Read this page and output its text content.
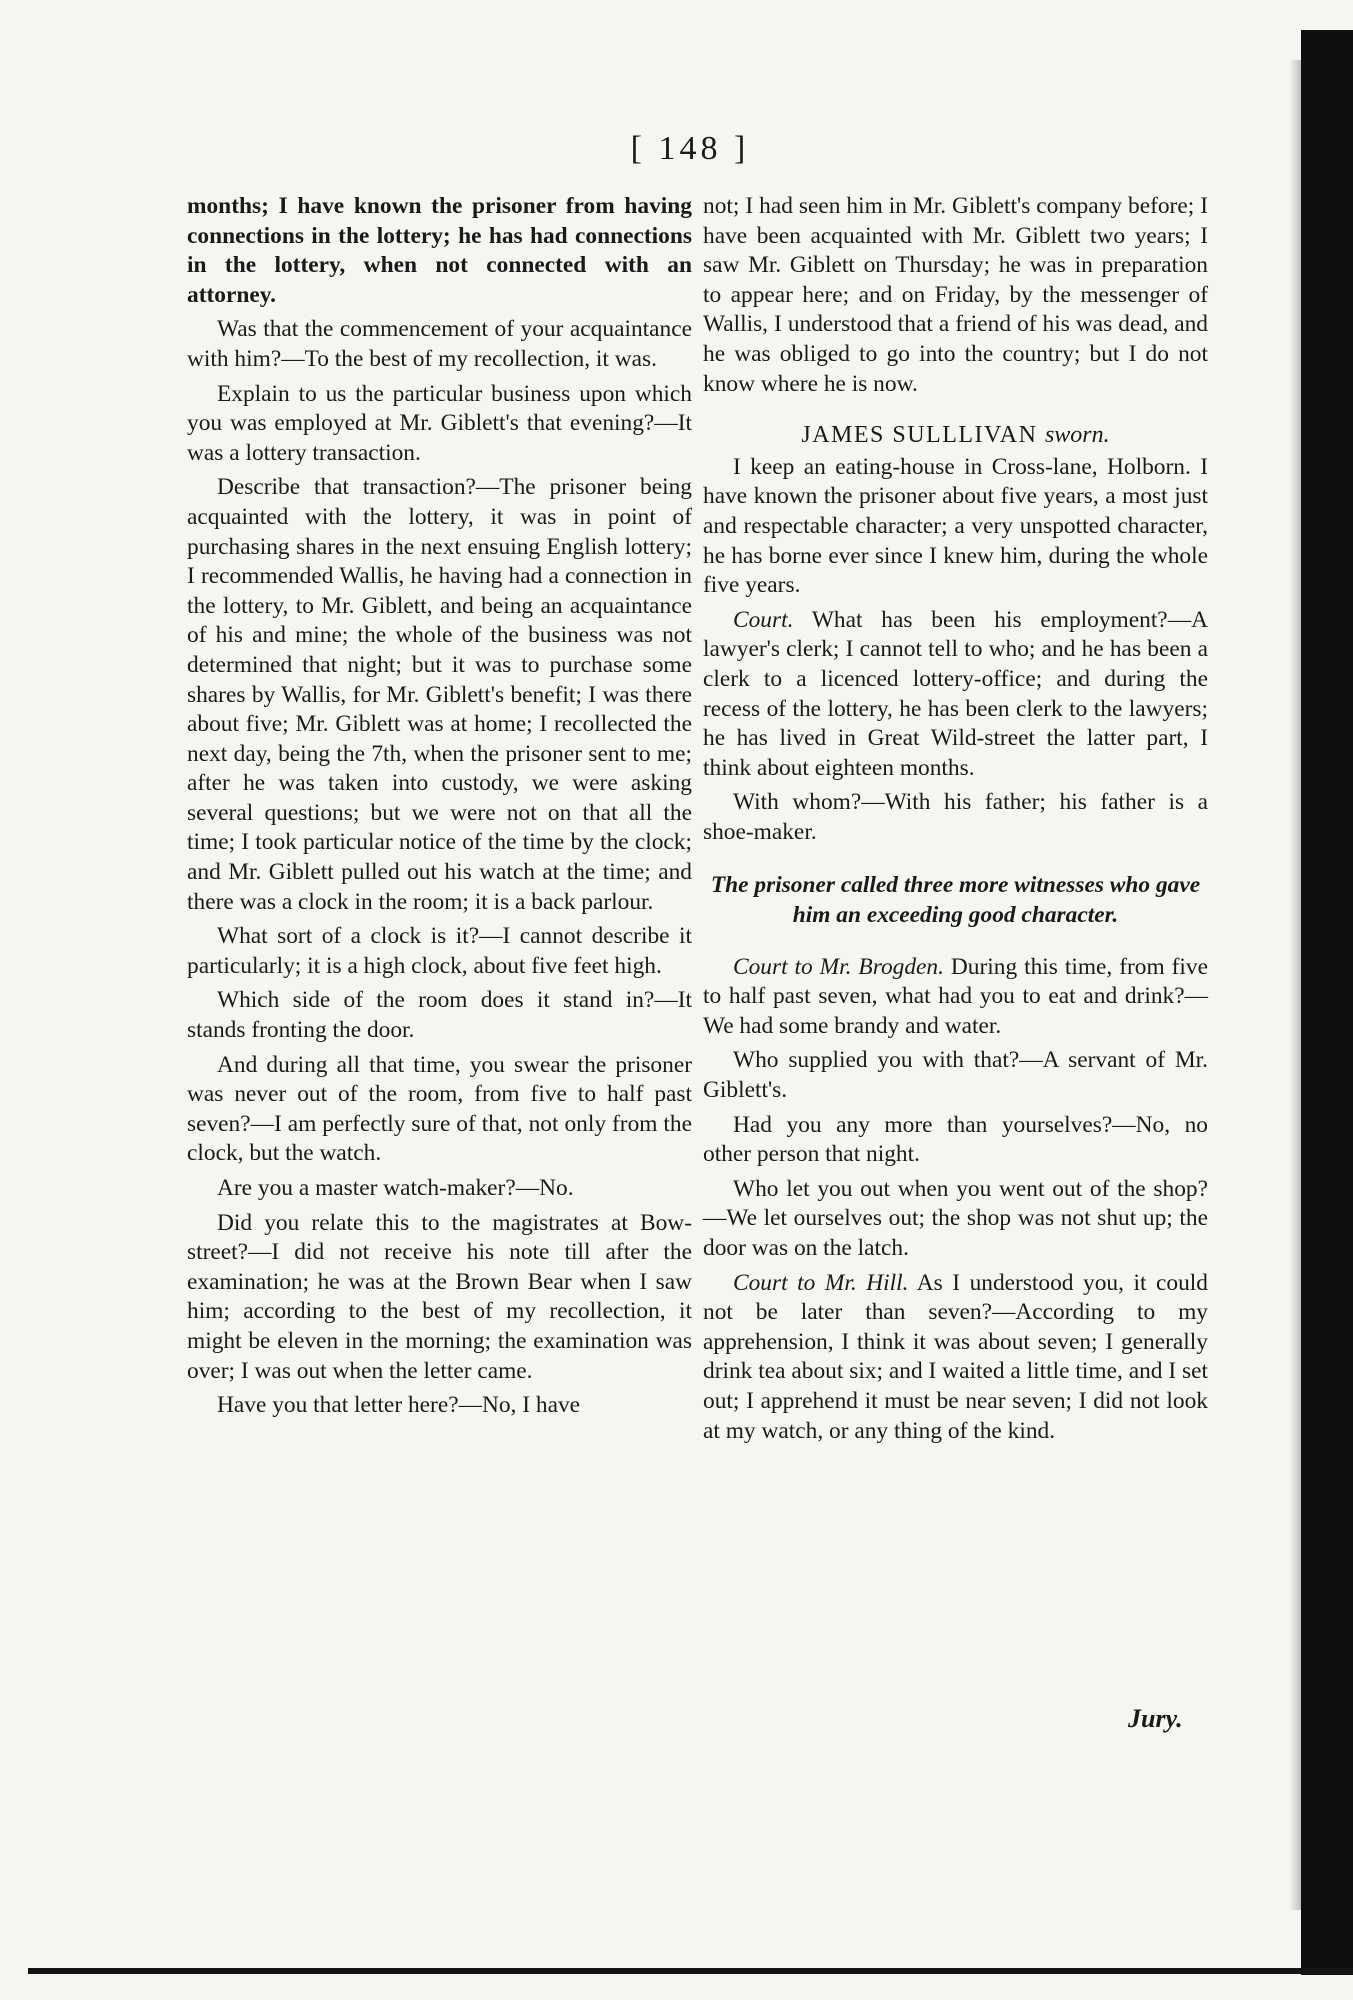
[ 148 ]

months; I have known the prisoner from having connections in the lottery; he has had connections in the lottery, when not connected with an attorney.

Was that the commencement of your acquaintance with him?—To the best of my recollection, it was.

Explain to us the particular business upon which you was employed at Mr. Giblett's that evening?—It was a lottery transaction.

Describe that transaction?—The prisoner being acquainted with the lottery, it was in point of purchasing shares in the next ensuing English lottery; I recommended Wallis, he having had a connection in the lottery, to Mr. Giblett, and being an acquaintance of his and mine; the whole of the business was not determined that night; but it was to purchase some shares by Wallis, for Mr. Giblett's benefit; I was there about five; Mr. Giblett was at home; I recollected the next day, being the 7th, when the prisoner sent to me; after he was taken into custody, we were asking several questions; but we were not on that all the time; I took particular notice of the time by the clock; and Mr. Giblett pulled out his watch at the time; and there was a clock in the room; it is a back parlour.

What sort of a clock is it?—I cannot describe it particularly; it is a high clock, about five feet high.

Which side of the room does it stand in?—It stands fronting the door.

And during all that time, you swear the prisoner was never out of the room, from five to half past seven?—I am perfectly sure of that, not only from the clock, but the watch.

Are you a master watch-maker?—No.

Did you relate this to the magistrates at Bow-street?—I did not receive his note till after the examination; he was at the Brown Bear when I saw him; according to the best of my recollection, it might be eleven in the morning; the examination was over; I was out when the letter came.

Have you that letter here?—No, I have

not; I had seen him in Mr. Giblett's company before; I have been acquainted with Mr. Giblett two years; I saw Mr. Giblett on Thursday; he was in preparation to appear here; and on Friday, by the messenger of Wallis, I understood that a friend of his was dead, and he was obliged to go into the country; but I do not know where he is now.

JAMES SULLLIVAN sworn.

I keep an eating-house in Cross-lane, Holborn. I have known the prisoner about five years, a most just and respectable character; a very unspotted character, he has borne ever since I knew him, during the whole five years.

Court. What has been his employment?—A lawyer's clerk; I cannot tell to who; and he has been a clerk to a licenced lottery-office; and during the recess of the lottery, he has been clerk to the lawyers; he has lived in Great Wild-street the latter part, I think about eighteen months.

With whom?—With his father; his father is a shoe-maker.

The prisoner called three more witnesses who gave him an exceeding good character.

Court to Mr. Brogden. During this time, from five to half past seven, what had you to eat and drink?—We had some brandy and water.

Who supplied you with that?—A servant of Mr. Giblett's.

Had you any more than yourselves?—No, no other person that night.

Who let you out when you went out of the shop?—We let ourselves out; the shop was not shut up; the door was on the latch.

Court to Mr. Hill. As I understood you, it could not be later than seven?—According to my apprehension, I think it was about seven; I generally drink tea about six; and I waited a little time, and I set out; I apprehend it must be near seven; I did not look at my watch, or any thing of the kind.

Jury.
